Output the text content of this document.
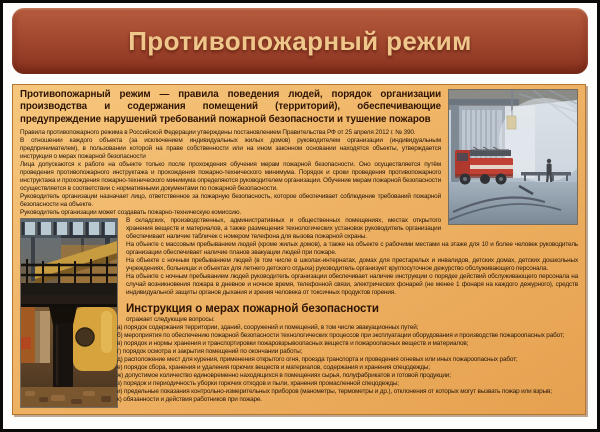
Противопожарный режим

Противопожарный режим — правила поведения людей, порядок организации производства и содержания помещений (территорий), обеспечивающие предупреждение нарушений требований пожарной безопасности и тушение пожаров

Правила противопожарного режима в Российской Федерации утверждены постановлением Правительства РФ от 25 апреля 2012 г. № 390.

В отношении каждого объекта (за исключением индивидуальных жилых домов) руководителем организации (индивидуальным предпринимателем), в пользовании которой на праве собственности или на ином законном основании находятся объекты, утверждается инструкция о мерах пожарной безопасности

Лица допускаются к работе на объекте только после прохождения обучения мерам пожарной безопасности. Оно осуществляется путём проведения противопожарного инструктажа и прохождения пожарно-технического минимума. Порядок и сроки проведения противопожарного инструктажа и прохождения пожарно-технического минимума определяются руководителем организации. Обучение мерам пожарной безопасности осуществляется в соответствии с нормативными документами по пожарной безопасности.

Руководитель организации назначает лицо, ответственное за пожарную безопасность, которое обеспечивает соблюдение требований пожарной безопасности на объекте.

Руководитель организации может создавать пожарно-техническую комиссию.

В складских, производственных, административных и общественных помещениях, местах открытого хранения веществ и материалов, а также размещения технологических установок руководитель организации обеспечивает наличие табличек с номером телефона для вызова пожарной охраны.

На объекте с массовым пребыванием людей (кроме жилых домов), а также на объекте с рабочими местами на этаже для 10 и более человек руководитель организации обеспечивает наличие планов эвакуации людей при пожаре.

На объекте с ночным пребыванием людей (в том числе в школах-интернатах, домах для престарелых и инвалидов, детских домах, детских дошкольных учреждениях, больницах и объектах для летнего детского отдыха) руководитель организует круглосуточное дежурство обслуживающего персонала.

На объекте с ночным пребыванием людей руководитель организации обеспечивает наличие инструкции о порядке действий обслуживающего персонала на случай возникновения пожара в дневное и ночное время, телефонной связи, электрических фонарей (не менее 1 фонаря на каждого дежурного), средств индивидуальной защиты органов дыхания и зрения человека от токсичных продуктов горения.

Инструкция о мерах пожарной безопасности

отражает следующие вопросы:

а) порядок содержания территории, зданий, сооружений и помещений, в том числе эвакуационных путей;
б) мероприятия по обеспечению пожарной безопасности технологических процессов при эксплуатации оборудования и производстве пожароопасных работ;
в) порядок и нормы хранения и транспортировки пожаровзрывоопасных веществ и пожароопасных веществ и материалов;
г) порядок осмотра и закрытия помещений по окончании работы;
д) расположение мест для курения, применения открытого огня, проезда транспорта и проведения огневых или иных пожароопасных работ;
е) порядок сбора, хранения и удаления горючих веществ и материалов, содержания и хранения спецодежды;
ж) допустимое количество единовременно находящихся в помещениях сырья, полуфабрикатов и готовой продукции;
з) порядок и периодичность уборки горючих отходов и пыли, хранения промасленной спецодежды;
и) предельные показания контрольно-измерительных приборов (манометры, термометры и др.), отклонения от которых могут вызвать пожар или взрыв;
к) обязанности и действия работников при пожаре.
